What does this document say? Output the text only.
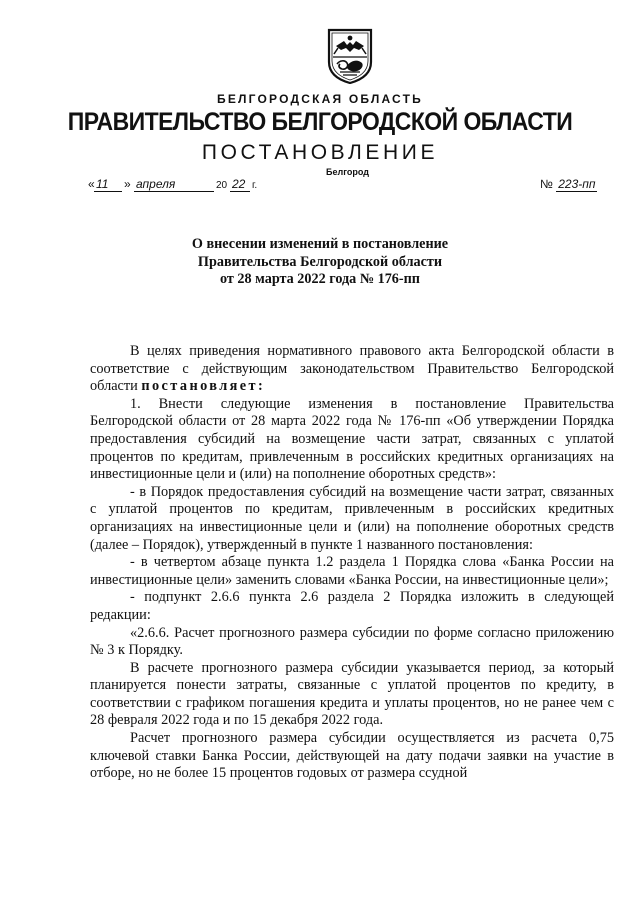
БЕЛГОРОДСКАЯ ОБЛАСТЬ
ПРАВИТЕЛЬСТВО БЕЛГОРОДСКОЙ ОБЛАСТИ
ПОСТАНОВЛЕНИЕ
Белгород
« 11	» апреля	20 22 г.	№ 223-пп
О внесении изменений в постановление
Правительства Белгородской области
от 28 марта 2022 года № 176-пп

В целях приведения нормативного правового акта Белгородской области в соответствие с действующим законодательством Правительство Белгородской области постановляет:

1. Внести следующие изменения в постановление Правительства Белгородской области от 28 марта 2022 года № 176-пп «Об утверждении Порядка предоставления субсидий на возмещение части затрат, связанных с уплатой процентов по кредитам, привлеченным в российских кредитных организациях на инвестиционные цели и (или) на пополнение оборотных средств»:

- в Порядок предоставления субсидий на возмещение части затрат, связанных с уплатой процентов по кредитам, привлеченным в российских кредитных организациях на инвестиционные цели и (или) на пополнение оборотных средств (далее – Порядок), утвержденный в пункте 1 названного постановления:

- в четвертом абзаце пункта 1.2 раздела 1 Порядка слова «Банка России на инвестиционные цели» заменить словами «Банка России, на инвестиционные цели»;

- подпункт 2.6.6 пункта 2.6 раздела 2 Порядка изложить в следующей редакции:

«2.6.6. Расчет прогнозного размера субсидии по форме согласно приложению № 3 к Порядку.

В расчете прогнозного размера субсидии указывается период, за который планируется понести затраты, связанные с уплатой процентов по кредиту, в соответствии с графиком погашения кредита и уплаты процентов, но не ранее чем с 28 февраля 2022 года и по 15 декабря 2022 года.

Расчет прогнозного размера субсидии осуществляется из расчета 0,75 ключевой ставки Банка России, действующей на дату подачи заявки на участие в отборе, но не более 15 процентов годовых от размера ссудной
